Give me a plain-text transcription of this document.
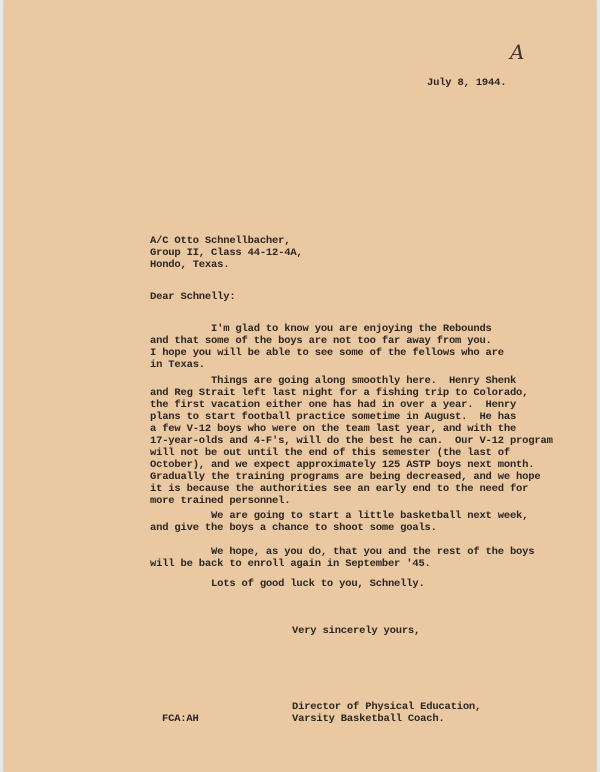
A
July 8, 1944.
A/C Otto Schnellbacher,
Group II, Class 44-12-4A,
Hondo, Texas.
Dear Schnelly:
I'm glad to know you are enjoying the Rebounds
and that some of the boys are not too far away from you.
I hope you will be able to see some of the fellows who are
in Texas.
Things are going along smoothly here.  Henry Shenk
and Reg Strait left last night for a fishing trip to Colorado,
the first vacation either one has had in over a year.  Henry
plans to start football practice sometime in August.  He has
a few V-12 boys who were on the team last year, and with the
17-year-olds and 4-F's, will do the best he can.  Our V-12 program
will not be out until the end of this semester (the last of
October), and we expect approximately 125 ASTP boys next month.
Gradually the training programs are being decreased, and we hope
it is because the authorities see an early end to the need for
more trained personnel.
We are going to start a little basketball next week,
and give the boys a chance to shoot some goals.
We hope, as you do, that you and the rest of the boys
will be back to enroll again in September '45.
Lots of good luck to you, Schnelly.
Very sincerely yours,
Director of Physical Education,
Varsity Basketball Coach.
FCA:AH
